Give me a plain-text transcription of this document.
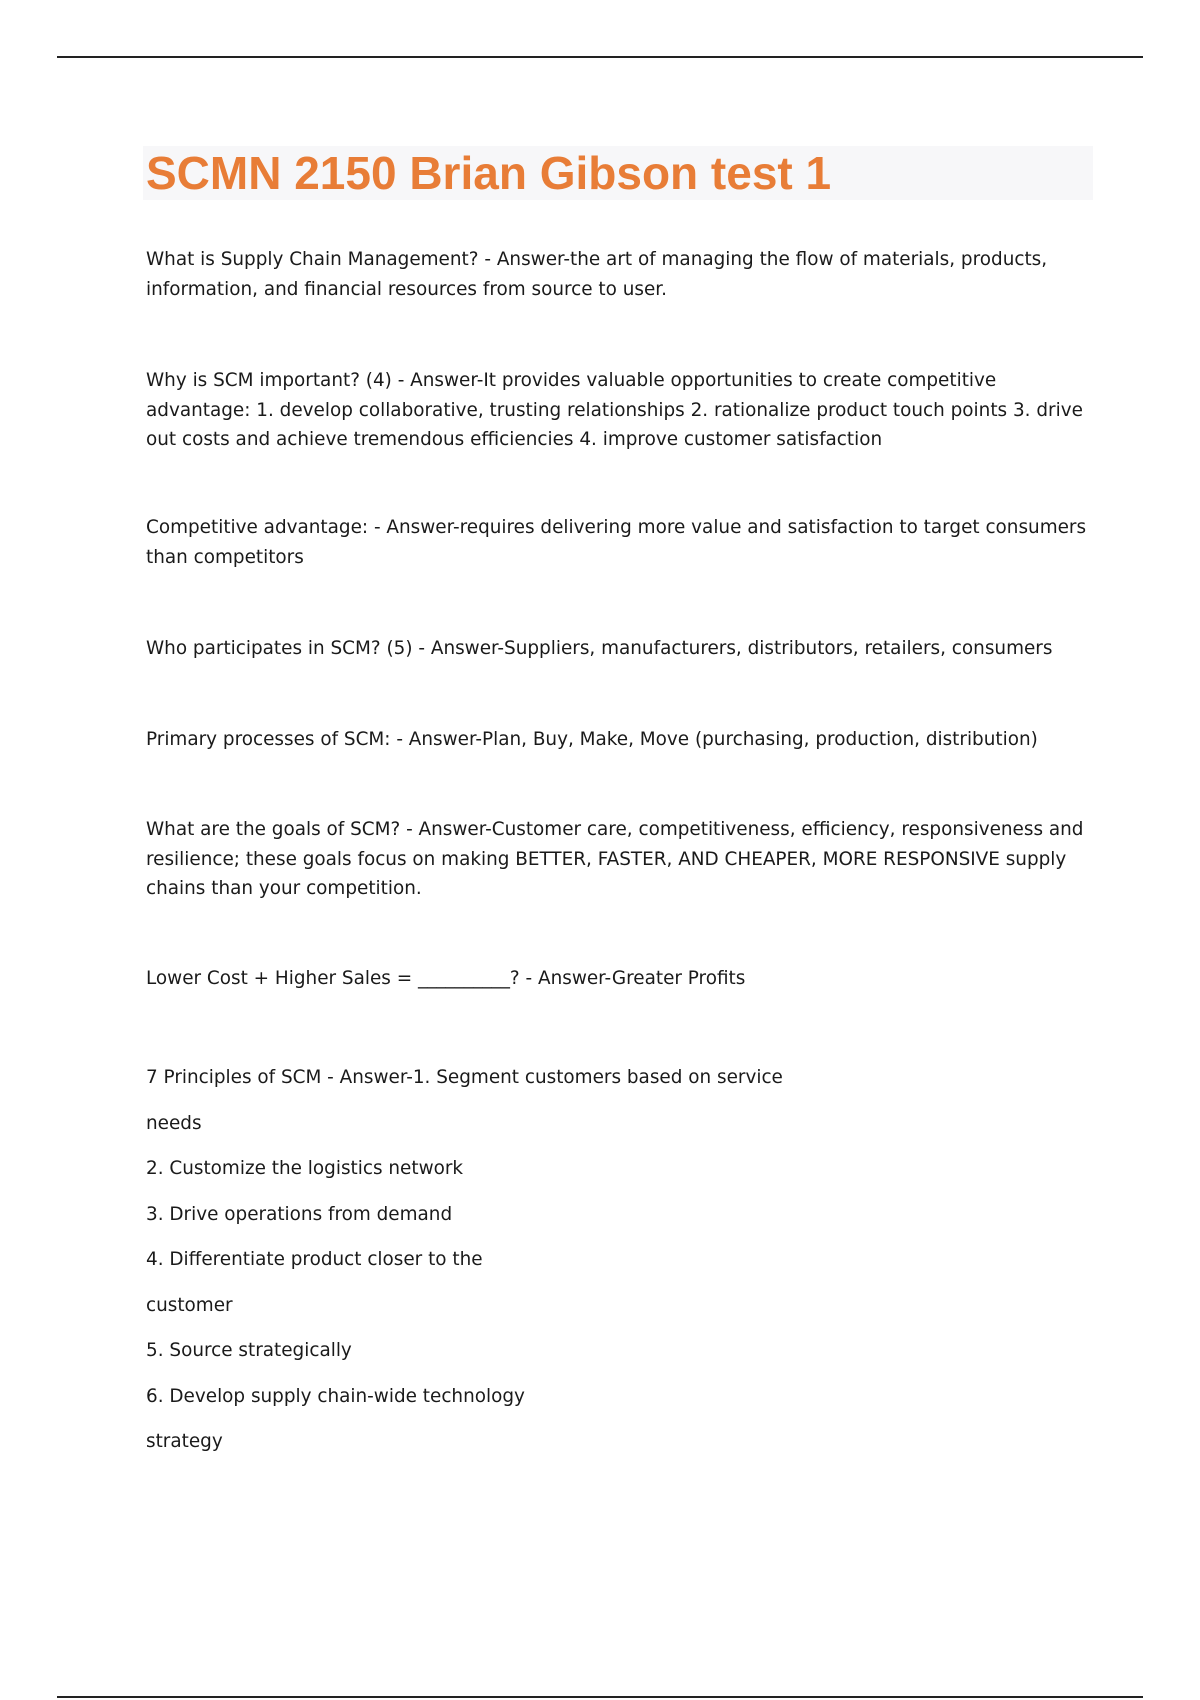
SCMN 2150 Brian Gibson test 1

What is Supply Chain Management? - Answer-the art of managing the flow of materials, products, information, and financial resources from source to user.

Why is SCM important? (4) - Answer-It provides valuable opportunities to create competitive advantage: 1. develop collaborative, trusting relationships 2. rationalize product touch points 3. drive out costs and achieve tremendous efficiencies 4. improve customer satisfaction

Competitive advantage: - Answer-requires delivering more value and satisfaction to target consumers than competitors

Who participates in SCM? (5) - Answer-Suppliers, manufacturers, distributors, retailers, consumers

Primary processes of SCM: - Answer-Plan, Buy, Make, Move (purchasing, production, distribution)

What are the goals of SCM? - Answer-Customer care, competitiveness, efficiency, responsiveness and resilience; these goals focus on making BETTER, FASTER, AND CHEAPER, MORE RESPONSIVE supply chains than your competition.

Lower Cost + Higher Sales = __________? - Answer-Greater Profits

7 Principles of SCM - Answer-1. Segment customers based on service
needs
2. Customize the logistics network
3. Drive operations from demand
4. Differentiate product closer to the
customer
5. Source strategically
6. Develop supply chain-wide technology
strategy
